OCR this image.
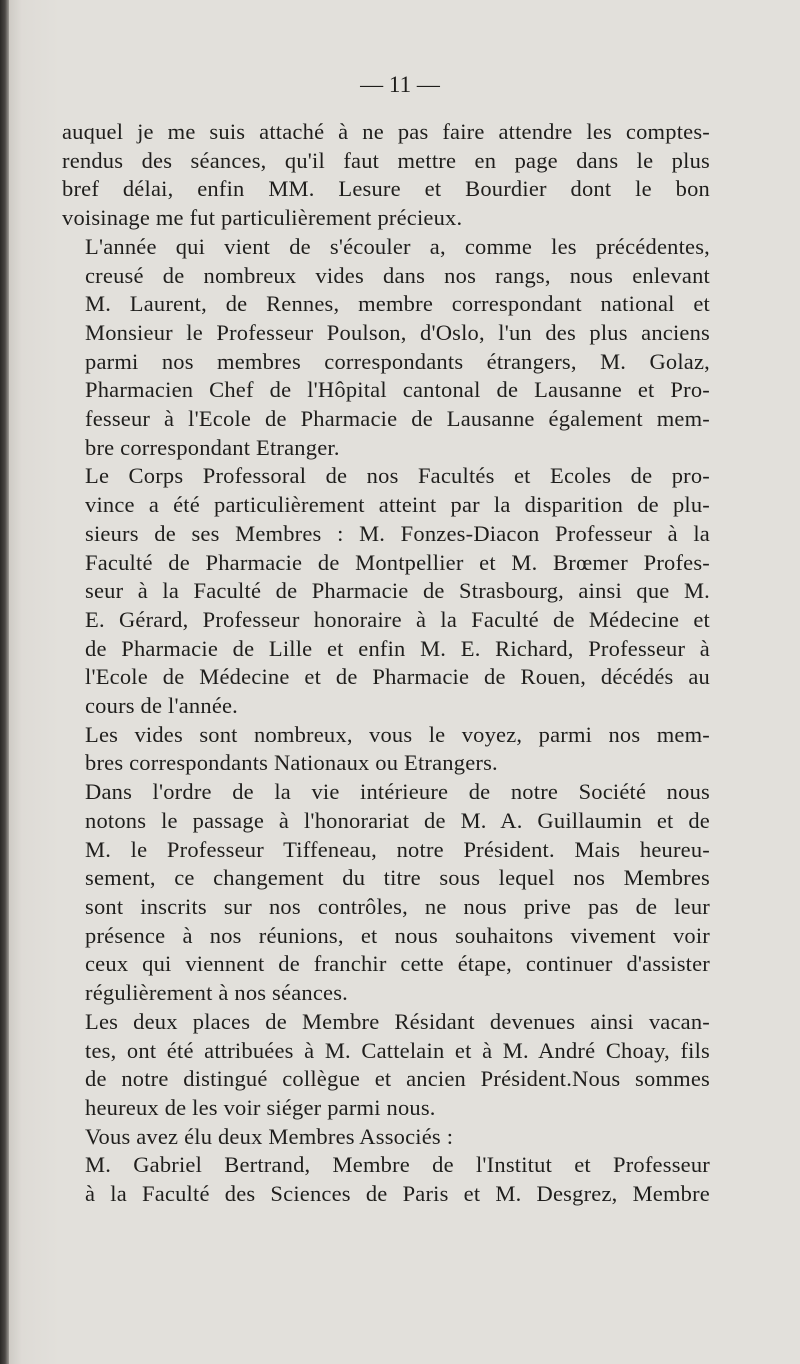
— 11 —

auquel je me suis attaché à ne pas faire attendre les comptes-
rendus des séances, qu'il faut mettre en page dans le plus
bref délai, enfin MM. Lesure et Bourdier dont le bon
voisinage me fut particulièrement précieux.

L'année qui vient de s'écouler a, comme les précédentes,
creusé de nombreux vides dans nos rangs, nous enlevant
M. Laurent, de Rennes, membre correspondant national et
Monsieur le Professeur Poulson, d'Oslo, l'un des plus anciens
parmi nos membres correspondants étrangers, M. Golaz,
Pharmacien Chef de l'Hôpital cantonal de Lausanne et Pro-
fesseur à l'Ecole de Pharmacie de Lausanne également mem-
bre correspondant Etranger.

Le Corps Professoral de nos Facultés et Ecoles de pro-
vince a été particulièrement atteint par la disparition de plu-
sieurs de ses Membres : M. Fonzes-Diacon Professeur à la
Faculté de Pharmacie de Montpellier et M. Brœmer Profes-
seur à la Faculté de Pharmacie de Strasbourg, ainsi que M.
E. Gérard, Professeur honoraire à la Faculté de Médecine et
de Pharmacie de Lille et enfin M. E. Richard, Professeur à
l'Ecole de Médecine et de Pharmacie de Rouen, décédés au
cours de l'année.

Les vides sont nombreux, vous le voyez, parmi nos mem-
bres correspondants Nationaux ou Etrangers.

Dans l'ordre de la vie intérieure de notre Société nous
notons le passage à l'honorariat de M. A. Guillaumin et de
M. le Professeur Tiffeneau, notre Président. Mais heureu-
sement, ce changement du titre sous lequel nos Membres
sont inscrits sur nos contrôles, ne nous prive pas de leur
présence à nos réunions, et nous souhaitons vivement voir
ceux qui viennent de franchir cette étape, continuer d'assister
régulièrement à nos séances.

Les deux places de Membre Résidant devenues ainsi vacan-
tes, ont été attribuées à M. Cattelain et à M. André Choay, fils
de notre distingué collègue et ancien Président.Nous sommes
heureux de les voir siéger parmi nous.

Vous avez élu deux Membres Associés :

M. Gabriel Bertrand, Membre de l'Institut et Professeur
à la Faculté des Sciences de Paris et M. Desgrez, Membre
